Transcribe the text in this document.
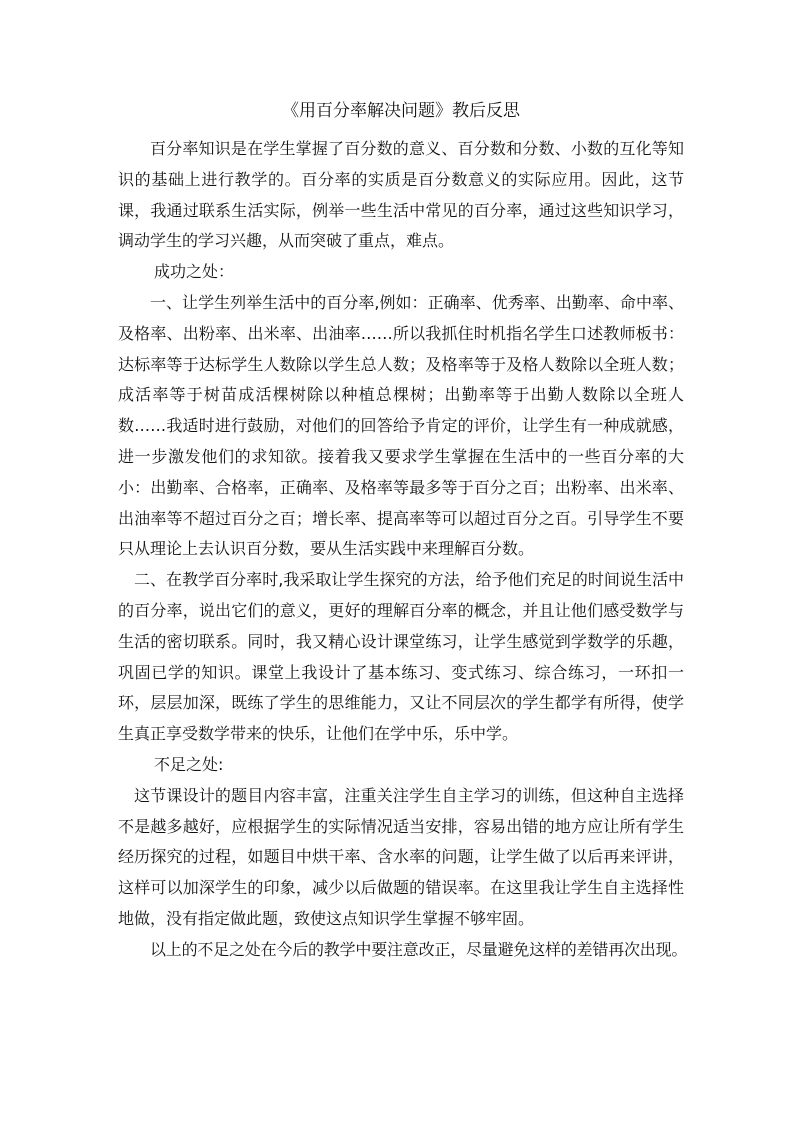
《用百分率解决问题》教后反思

百分率知识是在学生掌握了百分数的意义、百分数和分数、小数的互化等知识的基础上进行教学的。百分率的实质是百分数意义的实际应用。因此，这节课，我通过联系生活实际，例举一些生活中常见的百分率，通过这些知识学习，调动学生的学习兴趣，从而突破了重点，难点。

成功之处：

一、让学生列举生活中的百分率,例如：正确率、优秀率、出勤率、命中率、及格率、出粉率、出米率、出油率……所以我抓住时机指名学生口述教师板书：达标率等于达标学生人数除以学生总人数；及格率等于及格人数除以全班人数；成活率等于树苗成活棵树除以种植总棵树；出勤率等于出勤人数除以全班人数……我适时进行鼓励，对他们的回答给予肯定的评价，让学生有一种成就感，进一步激发他们的求知欲。接着我又要求学生掌握在生活中的一些百分率的大小：出勤率、合格率，正确率、及格率等最多等于百分之百；出粉率、出米率、出油率等不超过百分之百；增长率、提高率等可以超过百分之百。引导学生不要只从理论上去认识百分数，要从生活实践中来理解百分数。

二、在教学百分率时,我采取让学生探究的方法，给予他们充足的时间说生活中的百分率，说出它们的意义，更好的理解百分率的概念，并且让他们感受数学与生活的密切联系。同时，我又精心设计课堂练习，让学生感觉到学数学的乐趣，巩固已学的知识。课堂上我设计了基本练习、变式练习、综合练习，一环扣一环，层层加深，既练了学生的思维能力，又让不同层次的学生都学有所得，使学生真正享受数学带来的快乐，让他们在学中乐，乐中学。

不足之处:

这节课设计的题目内容丰富，注重关注学生自主学习的训练，但这种自主选择不是越多越好，应根据学生的实际情况适当安排，容易出错的地方应让所有学生经历探究的过程，如题目中烘干率、含水率的问题，让学生做了以后再来评讲，这样可以加深学生的印象，减少以后做题的错误率。在这里我让学生自主选择性地做，没有指定做此题，致使这点知识学生掌握不够牢固。

以上的不足之处在今后的教学中要注意改正，尽量避免这样的差错再次出现。
